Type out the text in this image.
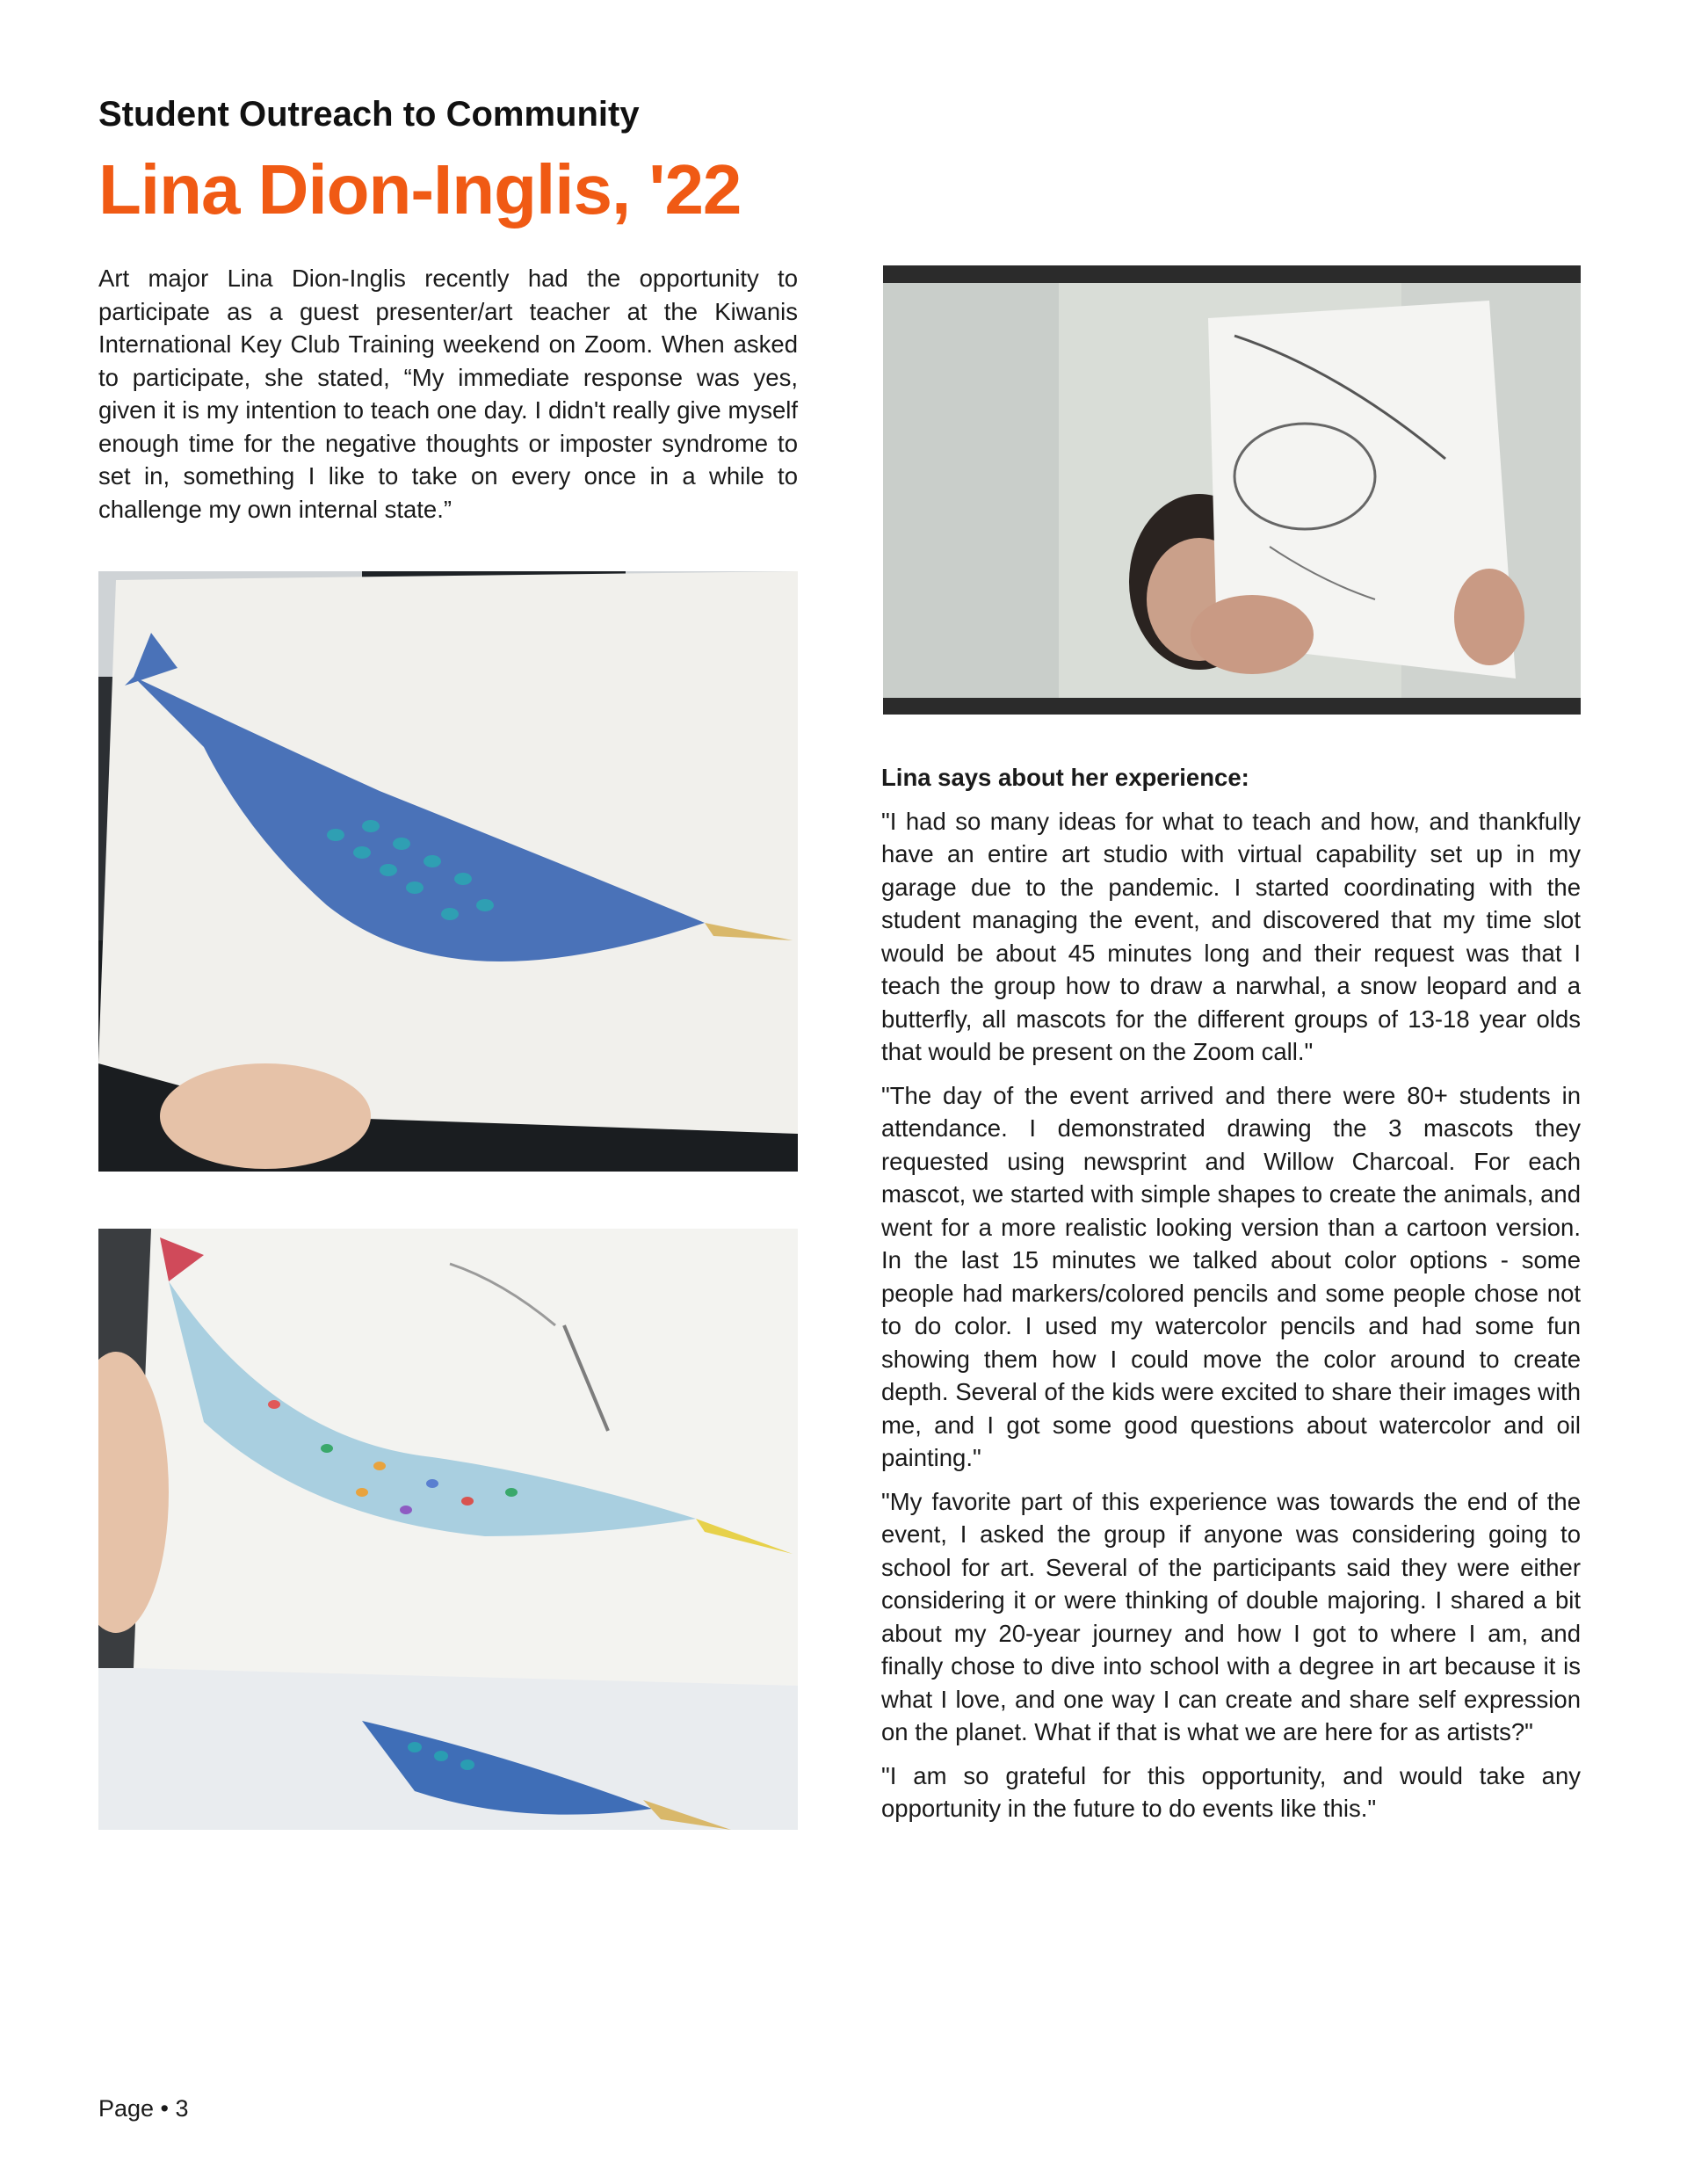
Student Outreach to Community
Lina Dion-Inglis, '22

Art major Lina Dion-Inglis recently had the opportunity to participate as a guest presenter/art teacher at the Kiwanis International Key Club Training weekend on Zoom. When asked to participate, she stated, “My immediate response was yes, given it is my intention to teach one day. I didn't really give myself enough time for the negative thoughts or imposter syndrome to set in, something I like to take on every once in a while to challenge my own internal state.”

Lina says about her experience:

"I had so many ideas for what to teach and how, and thankfully have an entire art studio with virtual capability set up in my garage due to the pandemic. I started coordinating with the student managing the event, and discovered that my time slot would be about 45 minutes long and their request was that I teach the group how to draw a narwhal, a snow leopard and a butterfly, all mascots for the different groups of 13-18 year olds that would be present on the Zoom call."

"The day of the event arrived and there were 80+ students in attendance. I demonstrated drawing the 3 mascots they requested using newsprint and Willow Charcoal. For each mascot, we started with simple shapes to create the animals, and went for a more realistic looking version than a cartoon version. In the last 15 minutes we talked about color options - some people had markers/colored pencils and some people chose not to do color. I used my watercolor pencils and had some fun showing them how I could move the color around to create depth. Several of the kids were excited to share their images with me, and I got some good questions about watercolor and oil painting."

"My favorite part of this experience was towards the end of the event, I asked the group if anyone was considering going to school for art. Several of the participants said they were either considering it or were thinking of double majoring. I shared a bit about my 20-year journey and how I got to where I am, and finally chose to dive into school with a degree in art because it is what I love, and one way I can create and share self expression on the planet. What if that is what we are here for as artists?"

"I am so grateful for this opportunity, and would take any opportunity in the future to do events like this."

Page • 3
